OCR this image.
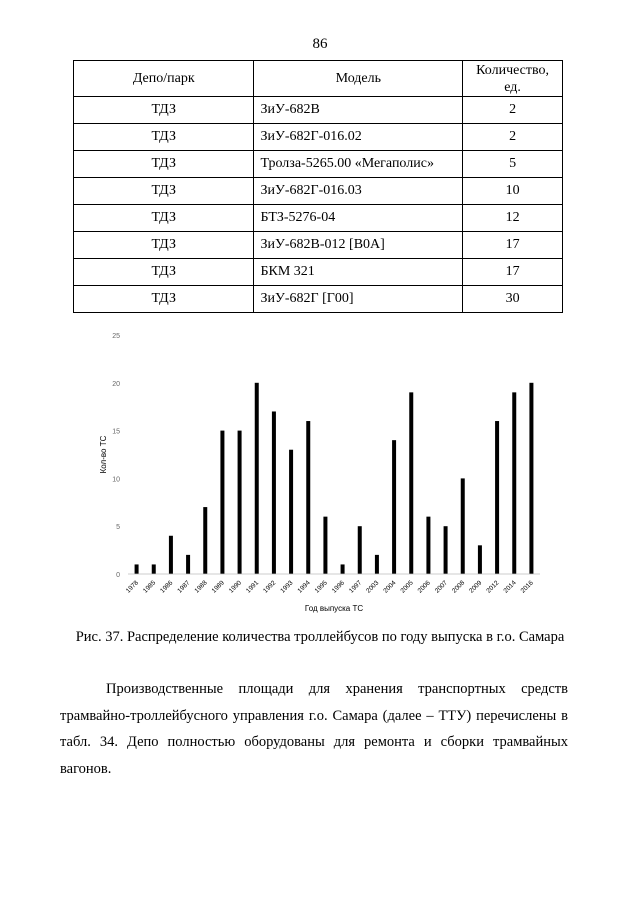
86
Депо/парк	Модель	Количество, ед.
ТДЗ	ЗиУ-682В	2
ТДЗ	ЗиУ-682Г-016.02	2
ТДЗ	Тролза-5265.00 «Мегаполис»	5
ТДЗ	ЗиУ-682Г-016.03	10
ТДЗ	БТЗ-5276-04	12
ТДЗ	ЗиУ-682В-012 [В0А]	17
ТДЗ	БКМ 321	17
ТДЗ	ЗиУ-682Г [Г00]	30
0
5
10
15
20
25
1978 1985 1986 1987 1988 1989 1990 1991 1992 1993 1994 1995 1996 1997 2003 2004 2005 2006 2007 2008 2009 2012 2014 2016
Кол-во ТС
Год выпуска ТС
Рис. 37. Распределение количества троллейбусов по году выпуска в г.о. Самара
Производственные площади для хранения транспортных средств трамвайно-троллейбусного управления г.о. Самара (далее – ТТУ) перечислены в табл. 34. Депо полностью оборудованы для ремонта и сборки трамвайных вагонов.
